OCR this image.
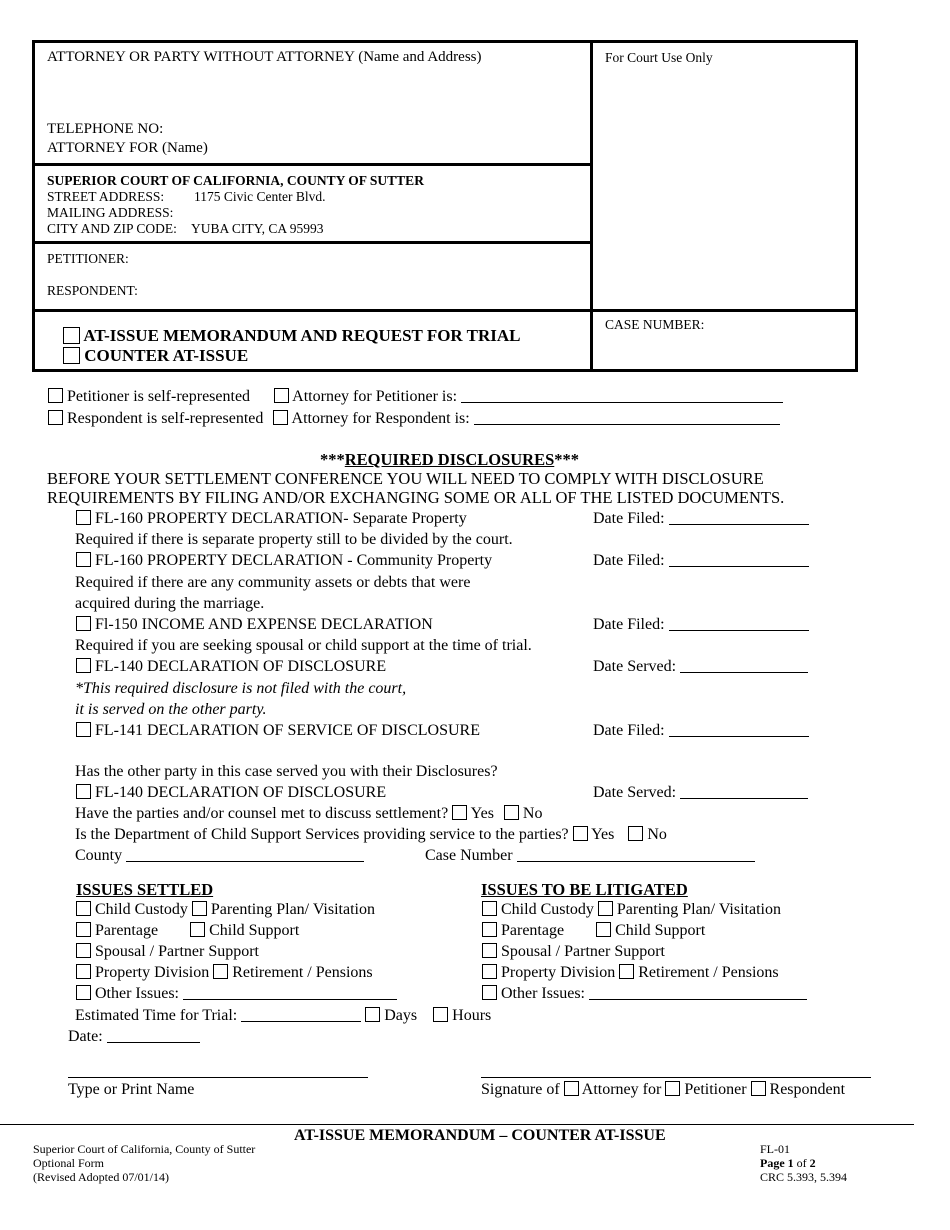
ATTORNEY OR PARTY WITHOUT ATTORNEY (Name and Address)
TELEPHONE NO:
ATTORNEY FOR (Name)
For Court Use Only
SUPERIOR COURT OF CALIFORNIA, COUNTY OF SUTTER
STREET ADDRESS: 1175 Civic Center Blvd.
MAILING ADDRESS:
CITY AND ZIP CODE: YUBA CITY, CA 95993
PETITIONER:
RESPONDENT:
AT-ISSUE MEMORANDUM AND REQUEST FOR TRIAL
COUNTER AT-ISSUE
CASE NUMBER:
Petitioner is self-represented	Attorney for Petitioner is:
Respondent is self-represented Attorney for Respondent is:
***REQUIRED DISCLOSURES***
BEFORE YOUR SETTLEMENT CONFERENCE YOU WILL NEED TO COMPLY WITH DISCLOSURE
REQUIREMENTS BY FILING AND/OR EXCHANGING SOME OR ALL OF THE LISTED DOCUMENTS.
FL-160 PROPERTY DECLARATION- Separate Property	Date Filed:
Required if there is separate property still to be divided by the court.
FL-160 PROPERTY DECLARATION - Community Property	Date Filed:
Required if there are any community assets or debts that were
acquired during the marriage.
Fl-150 INCOME AND EXPENSE DECLARATION	Date Filed:
Required if you are seeking spousal or child support at the time of trial.
FL-140 DECLARATION OF DISCLOSURE	Date Served:
*This required disclosure is not filed with the court,
it is served on the other party.
FL-141 DECLARATION OF SERVICE OF DISCLOSURE	Date Filed:
Has the other party in this case served you with their Disclosures?
FL-140 DECLARATION OF DISCLOSURE	Date Served:
Have the parties and/or counsel met to discuss settlement? Yes No
Is the Department of Child Support Services providing service to the parties? Yes No
County	Case Number
ISSUES SETTLED
Child Custody Parenting Plan/ Visitation
Parentage	Child Support
Spousal / Partner Support
Property Division Retirement / Pensions
Other Issues:
ISSUES TO BE LITIGATED
Child Custody Parenting Plan/ Visitation
Parentage	Child Support
Spousal / Partner Support
Property Division Retirement / Pensions
Other Issues:
Estimated Time for Trial:	Days Hours
Date:
Type or Print Name	Signature of Attorney for Petitioner Respondent
AT-ISSUE MEMORANDUM – COUNTER AT-ISSUE
Superior Court of California, County of Sutter
Optional Form
(Revised Adopted 07/01/14)
FL-01
Page 1 of 2
CRC 5.393, 5.394
